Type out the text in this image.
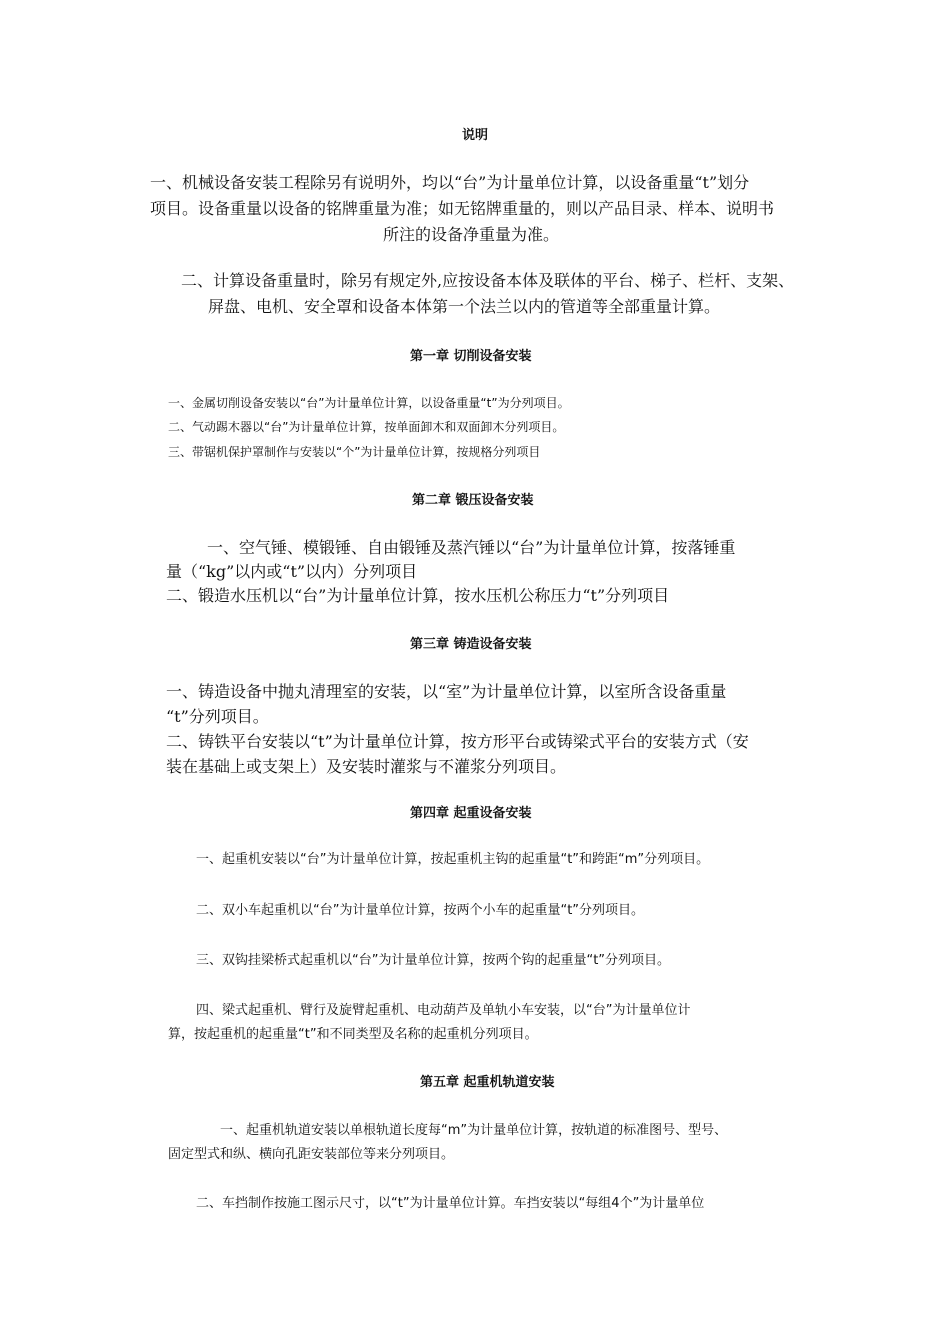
说明
一、机械设备安装工程除另有说明外，均以“台”为计量单位计算，以设备重量“t”划分
项目。设备重量以设备的铭牌重量为准；如无铭牌重量的，则以产品目录、样本、说明书
所注的设备净重量为准。
二、计算设备重量时，除另有规定外,应按设备本体及联体的平台、梯子、栏杆、支架、
屏盘、电机、安全罩和设备本体第一个法兰以内的管道等全部重量计算。
第一章 切削设备安装
一、金属切削设备安装以“台”为计量单位计算，以设备重量“t”为分列项目。
二、气动踢木器以“台”为计量单位计算，按单面卸木和双面卸木分列项目。
三、带锯机保护罩制作与安装以“个”为计量单位计算，按规格分列项目
第二章 锻压设备安装
一、空气锤、模锻锤、自由锻锤及蒸汽锤以“台”为计量单位计算，按落锤重
量（“kg”以内或“t”以内）分列项目
二、锻造水压机以“台”为计量单位计算，按水压机公称压力“t”分列项目
第三章 铸造设备安装
一、铸造设备中抛丸清理室的安装，以“室”为计量单位计算，以室所含设备重量
“t”分列项目。
二、铸铁平台安装以“t”为计量单位计算，按方形平台或铸梁式平台的安装方式（安
装在基础上或支架上）及安装时灌浆与不灌浆分列项目。
第四章 起重设备安装
一、起重机安装以“台”为计量单位计算，按起重机主钩的起重量“t”和跨距“m”分列项目。
二、双小车起重机以“台”为计量单位计算，按两个小车的起重量“t”分列项目。
三、双钩挂梁桥式起重机以“台”为计量单位计算，按两个钩的起重量“t”分列项目。
四、梁式起重机、臂行及旋臂起重机、电动葫芦及单轨小车安装，以“台”为计量单位计
算，按起重机的起重量“t”和不同类型及名称的起重机分列项目。
第五章 起重机轨道安装
一、起重机轨道安装以单根轨道长度每“m”为计量单位计算，按轨道的标准图号、型号、
固定型式和纵、横向孔距安装部位等来分列项目。
二、车挡制作按施工图示尺寸，以“t”为计量单位计算。车挡安装以“每组4个”为计量单位
